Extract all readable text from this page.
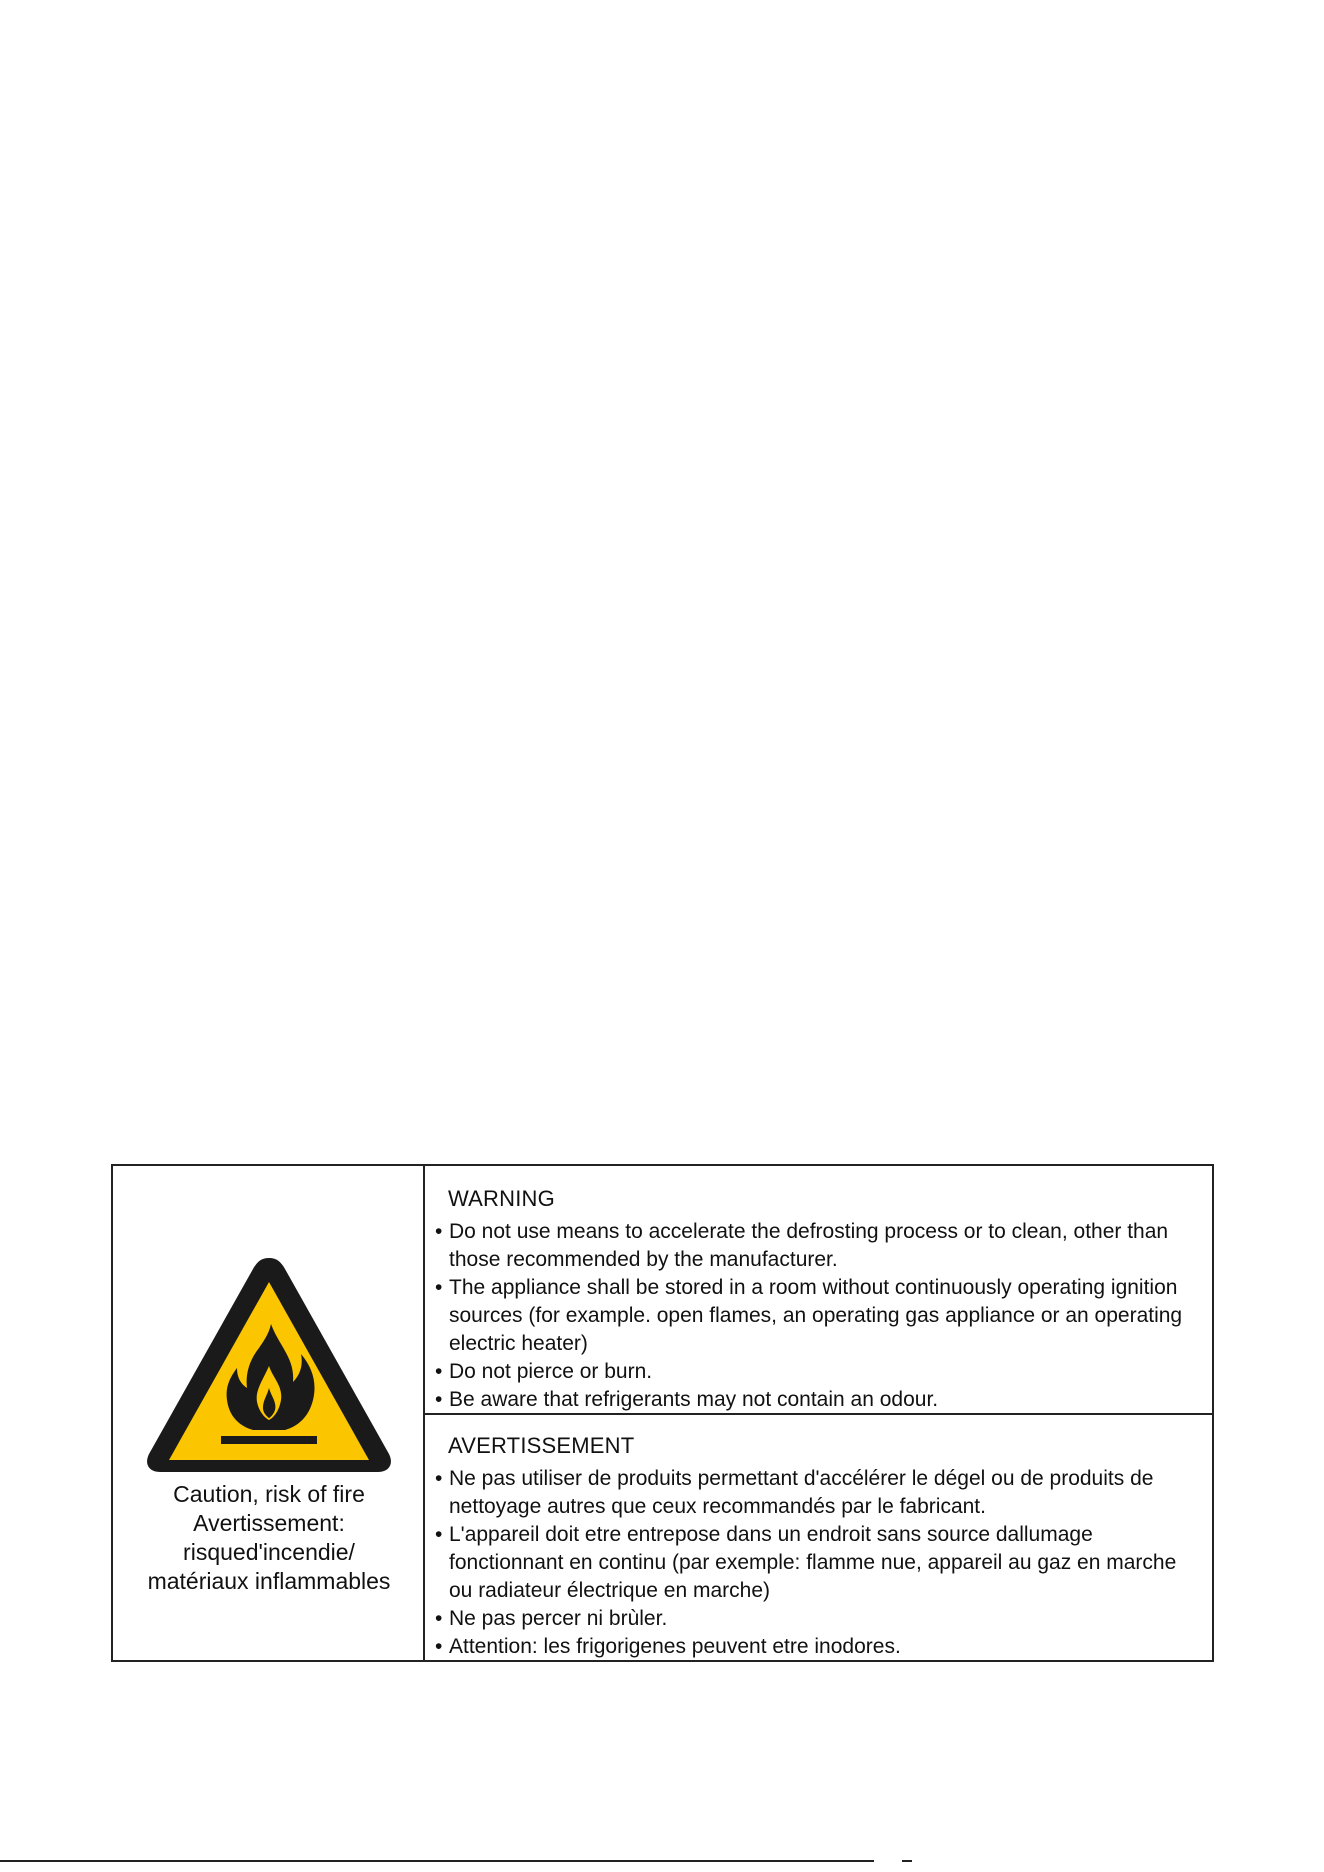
Caution, risk of fire
Avertissement:
risqued'incendie/
matériaux inflammables
WARNING
• Do not use means to accelerate the defrosting process or to clean, other than those recommended by the manufacturer.
• The appliance shall be stored in a room without continuously operating ignition sources (for example. open flames, an operating gas appliance or an operating electric heater)
• Do not pierce or burn.
• Be aware that refrigerants may not contain an odour.
AVERTISSEMENT
• Ne pas utiliser de produits permettant d'accélérer le dégel ou de produits de nettoyage autres que ceux recommandés par le fabricant.
• L'appareil doit etre entrepose dans un endroit sans source dallumage fonctionnant en continu (par exemple: flamme nue, appareil au gaz en marche ou radiateur électrique en marche)
• Ne pas percer ni brùler.
• Attention: les frigorigenes peuvent etre inodores.
